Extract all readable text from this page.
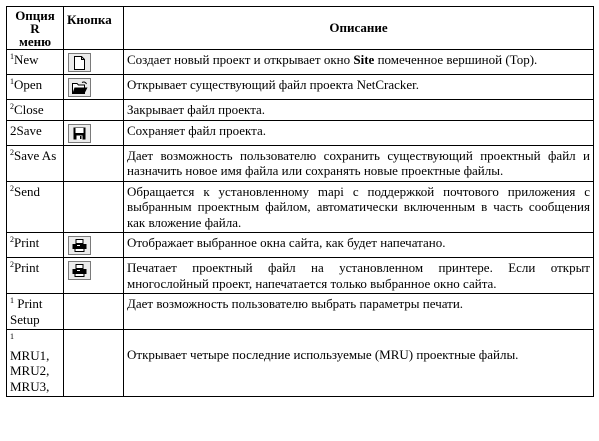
Опция R
меню	Кнопка	Описание
$^1$New		Создает новый проект и открывает окно Site помеченное вершиной (Top).
$^1$Open		Открывает существующий файл проекта NetCracker.
$^2$Close		Закрывает файл проекта.
2Save		Сохраняет файл проекта.
$^2$Save As		Дает возможность пользователю сохранить существующий проектный файл и назначить новое имя файла или сохранять новые проектные файлы.
$^2$Send		Обращается к установленному mapi с поддержкой почтового приложения с выбранным проектным файлом, автоматически включенным в часть сообщения как вложение файла.
$^2$Print		Отображает выбранное окна сайта, как будет напечатано.
$^2$Print		Печатает проектный файл на установленном принтере. Если открыт многослойный проект, напечатается только выбранное окно сайта.
$^1$ Print Setup		Дает возможность пользователю выбрать параметры печати.
$^1$

MRU1, MRU2, MRU3,		Открывает четыре последние используемые (MRU) проектные файлы.
